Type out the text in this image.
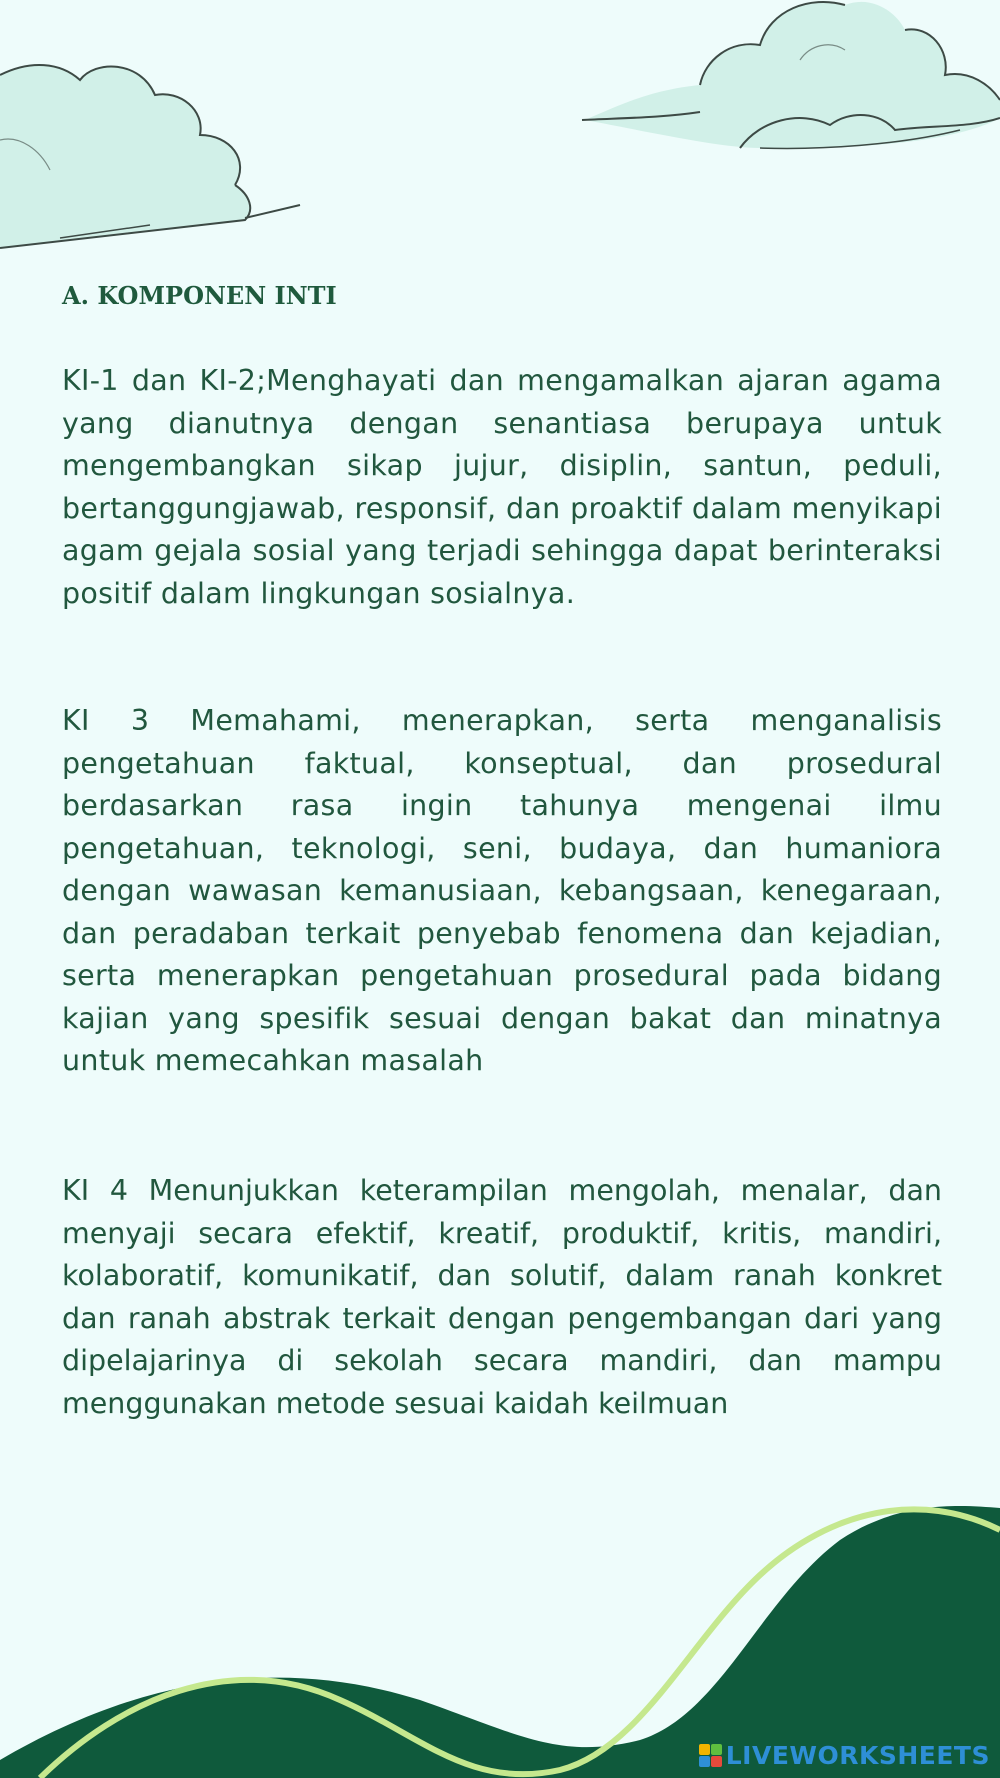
A. KOMPONEN INTI

KI-1 dan KI-2;Menghayati dan mengamalkan ajaran agama yang dianutnya dengan senantiasa berupaya untuk mengembangkan sikap jujur, disiplin, santun, peduli, bertanggungjawab, responsif, dan proaktif dalam menyikapi agam gejala sosial yang terjadi sehingga dapat berinteraksi positif dalam lingkungan sosialnya.

KI 3 Memahami, menerapkan, serta menganalisis pengetahuan faktual, konseptual, dan prosedural berdasarkan rasa ingin tahunya mengenai ilmu pengetahuan, teknologi, seni, budaya, dan humaniora dengan wawasan kemanusiaan, kebangsaan, kenegaraan, dan peradaban terkait penyebab fenomena dan kejadian, serta menerapkan pengetahuan prosedural pada bidang kajian yang spesifik sesuai dengan bakat dan minatnya untuk memecahkan masalah

KI 4 Menunjukkan keterampilan mengolah, menalar, dan menyaji secara efektif, kreatif, produktif, kritis, mandiri, kolaboratif, komunikatif, dan solutif, dalam ranah konkret dan ranah abstrak terkait dengan pengembangan dari yang dipelajarinya di sekolah secara mandiri, dan mampu menggunakan metode sesuai kaidah keilmuan

LIVEWORKSHEETS
